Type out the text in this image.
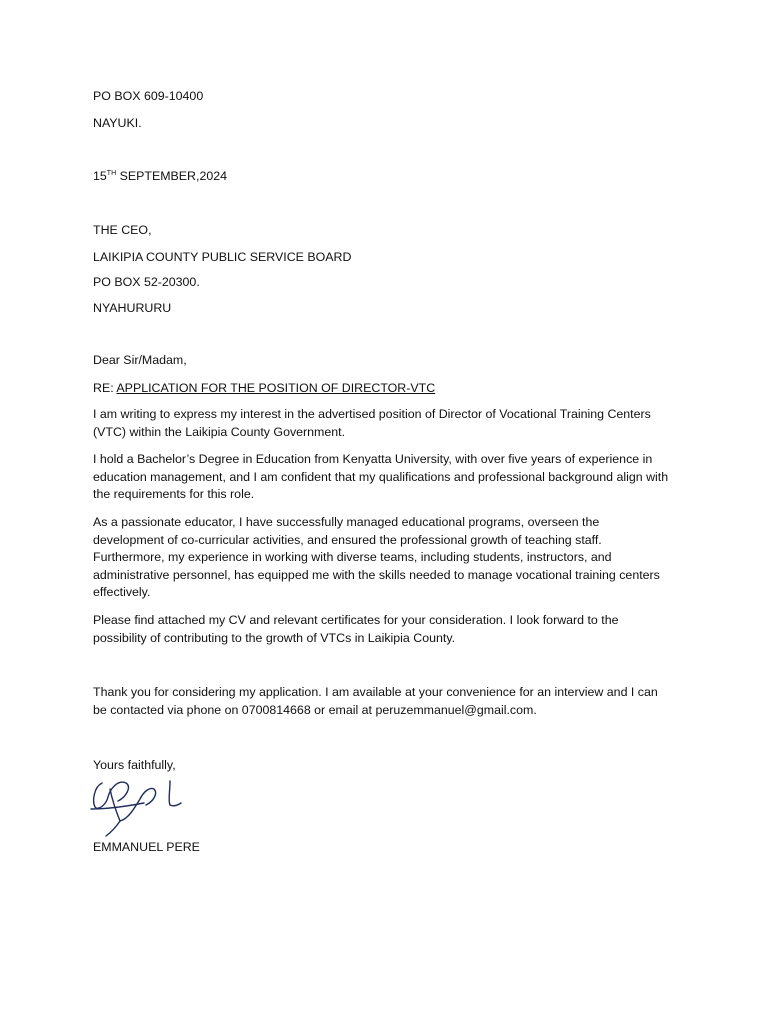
PO BOX 609-10400
NAYUKI.
15TH SEPTEMBER,2024
THE CEO,
LAIKIPIA COUNTY PUBLIC SERVICE BOARD
PO BOX 52-20300.
NYAHURURU
Dear Sir/Madam,
RE: APPLICATION FOR THE POSITION OF DIRECTOR-VTC

I am writing to express my interest in the advertised position of Director of Vocational Training Centers (VTC) within the Laikipia County Government.

I hold a Bachelor’s Degree in Education from Kenyatta University, with over five years of experience in education management, and I am confident that my qualifications and professional background align with the requirements for this role.

As a passionate educator, I have successfully managed educational programs, overseen the development of co-curricular activities, and ensured the professional growth of teaching staff. Furthermore, my experience in working with diverse teams, including students, instructors, and administrative personnel, has equipped me with the skills needed to manage vocational training centers effectively.

Please find attached my CV and relevant certificates for your consideration. I look forward to the possibility of contributing to the growth of VTCs in Laikipia County.

Thank you for considering my application. I am available at your convenience for an interview and I can be contacted via phone on 0700814668 or email at peruzemmanuel@gmail.com.

Yours faithfully,
EMMANUEL PERE
